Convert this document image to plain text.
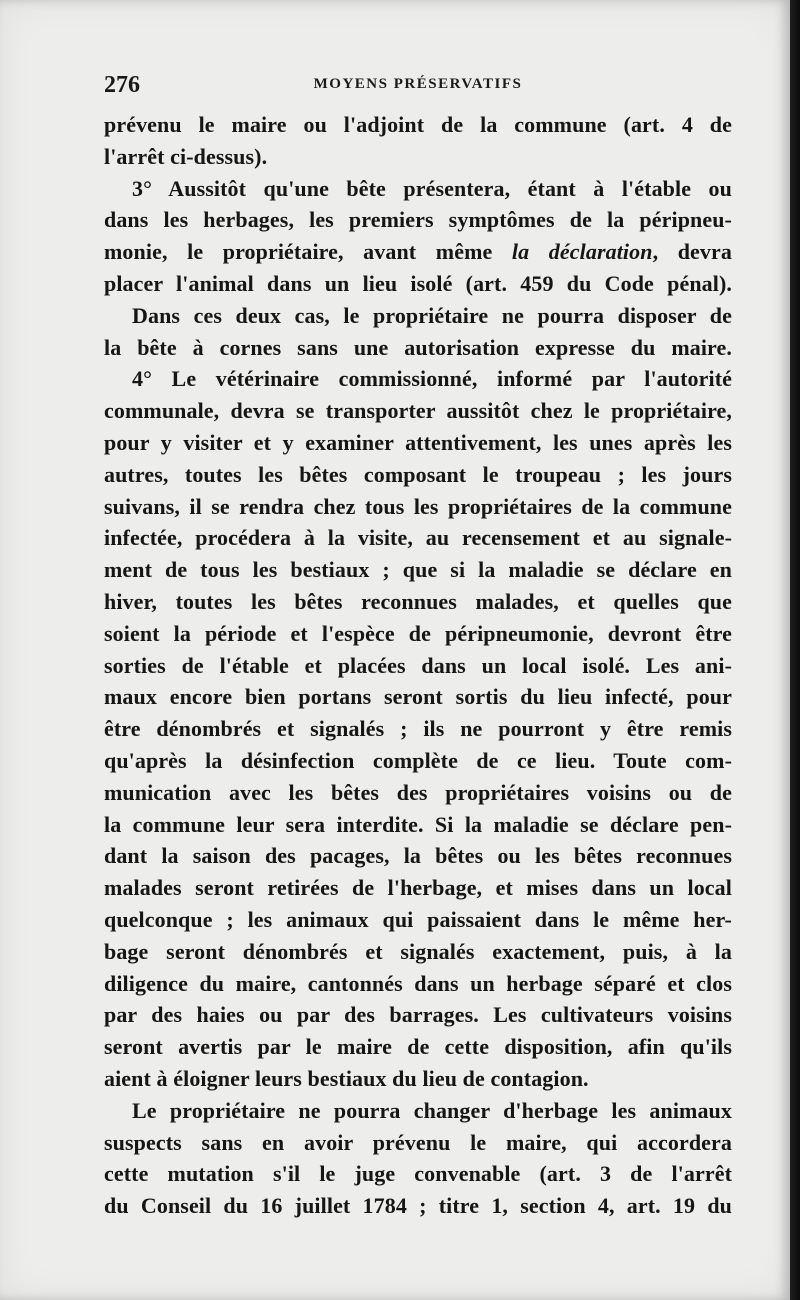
276	MOYENS PRÉSERVATIFS
prévenu le maire ou l'adjoint de la commune (art. 4 de
l'arrêt ci-dessus).
3° Aussitôt qu'une bête présentera, étant à l'étable ou
dans les herbages, les premiers symptômes de la péripneu-
monie, le propriétaire, avant même la déclaration, devra
placer l'animal dans un lieu isolé (art. 459 du Code pénal).
Dans ces deux cas, le propriétaire ne pourra disposer de
la bête à cornes sans une autorisation expresse du maire.
4° Le vétérinaire commissionné, informé par l'autorité
communale, devra se transporter aussitôt chez le propriétaire,
pour y visiter et y examiner attentivement, les unes après les
autres, toutes les bêtes composant le troupeau ; les jours
suivans, il se rendra chez tous les propriétaires de la commune
infectée, procédera à la visite, au recensement et au signale-
ment de tous les bestiaux ; que si la maladie se déclare en
hiver, toutes les bêtes reconnues malades, et quelles que
soient la période et l'espèce de péripneumonie, devront être
sorties de l'étable et placées dans un local isolé. Les ani-
maux encore bien portans seront sortis du lieu infecté, pour
être dénombrés et signalés ; ils ne pourront y être remis
qu'après la désinfection complète de ce lieu. Toute com-
munication avec les bêtes des propriétaires voisins ou de
la commune leur sera interdite. Si la maladie se déclare pen-
dant la saison des pacages, la bêtes ou les bêtes reconnues
malades seront retirées de l'herbage, et mises dans un local
quelconque ; les animaux qui paissaient dans le même her-
bage seront dénombrés et signalés exactement, puis, à la
diligence du maire, cantonnés dans un herbage séparé et clos
par des haies ou par des barrages. Les cultivateurs voisins
seront avertis par le maire de cette disposition, afin qu'ils
aient à éloigner leurs bestiaux du lieu de contagion.
Le propriétaire ne pourra changer d'herbage les animaux
suspects sans en avoir prévenu le maire, qui accordera
cette mutation s'il le juge convenable (art. 3 de l'arrêt
du Conseil du 16 juillet 1784 ; titre 1, section 4, art. 19 du
